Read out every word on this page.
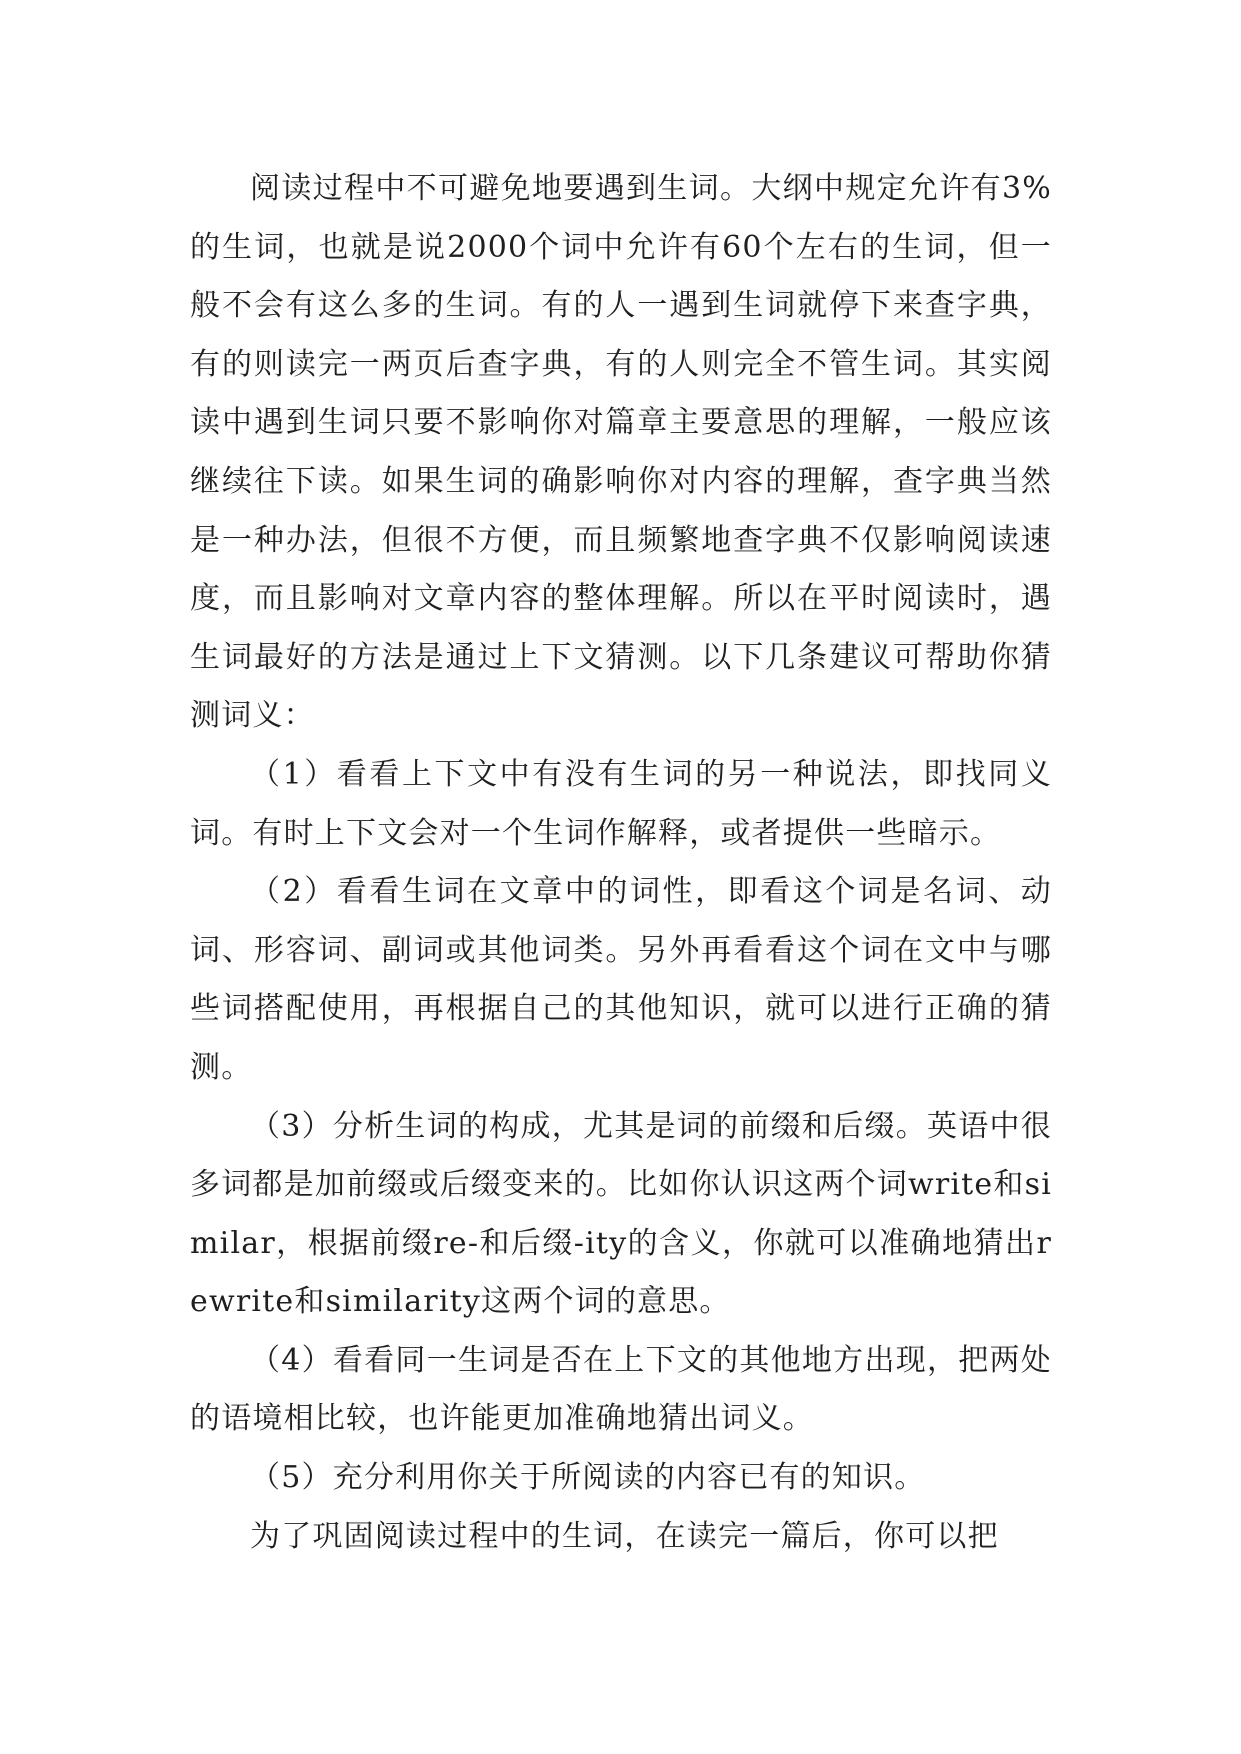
阅读过程中不可避免地要遇到生词。大纲中规定允许有3%的生词，也就是说2000个词中允许有60个左右的生词，但一般不会有这么多的生词。有的人一遇到生词就停下来查字典，有的则读完一两页后查字典，有的人则完全不管生词。其实阅读中遇到生词只要不影响你对篇章主要意思的理解，一般应该继续往下读。如果生词的确影响你对内容的理解，查字典当然是一种办法，但很不方便，而且频繁地查字典不仅影响阅读速度，而且影响对文章内容的整体理解。所以在平时阅读时，遇生词最好的方法是通过上下文猜测。以下几条建议可帮助你猜测词义：

（1）看看上下文中有没有生词的另一种说法，即找同义词。有时上下文会对一个生词作解释，或者提供一些暗示。

（2）看看生词在文章中的词性，即看这个词是名词、动词、形容词、副词或其他词类。另外再看看这个词在文中与哪些词搭配使用，再根据自己的其他知识，就可以进行正确的猜测。

（3）分析生词的构成，尤其是词的前缀和后缀。英语中很多词都是加前缀或后缀变来的。比如你认识这两个词write和similar，根据前缀re-和后缀-ity的含义，你就可以准确地猜出rewrite和similarity这两个词的意思。

（4）看看同一生词是否在上下文的其他地方出现，把两处的语境相比较，也许能更加准确地猜出词义。

（5）充分利用你关于所阅读的内容已有的知识。

为了巩固阅读过程中的生词，在读完一篇后，你可以把
